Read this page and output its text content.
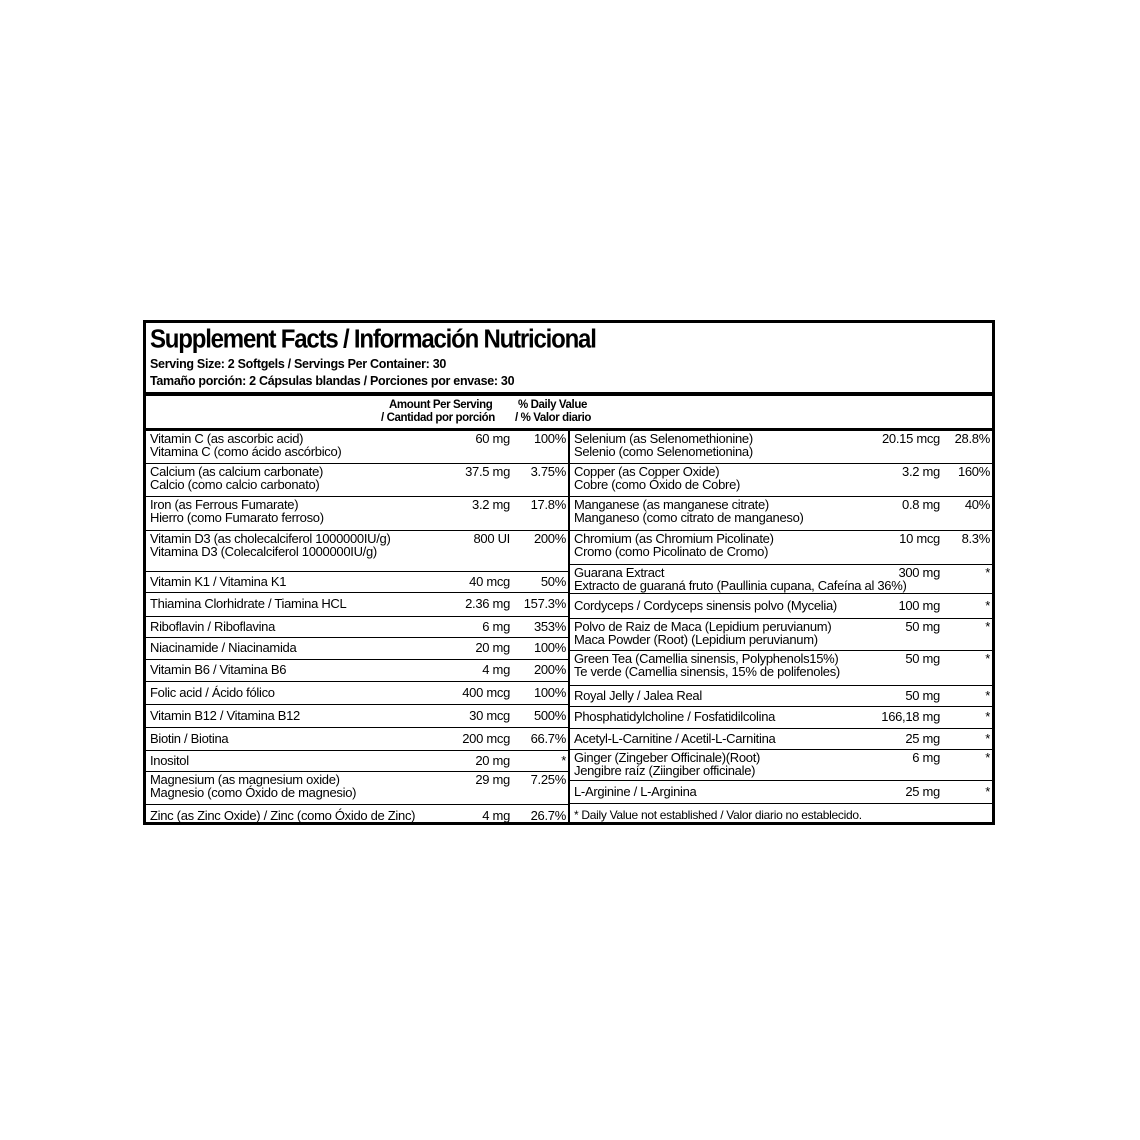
Supplement Facts / Información Nutricional
Serving Size: 2 Softgels / Servings Per Container: 30
Tamaño porción: 2 Cápsulas blandas / Porciones por envase: 30
Amount Per Serving % Daily Value
/ Cantidad por porción / % Valor diario
Vitamin C (as ascorbic acid)
Vitamina C (como ácido ascórbico)
60 mg 100%
Calcium (as calcium carbonate)
Calcio (como calcio carbonato)
37.5 mg 3.75%
Iron (as Ferrous Fumarate)
Hierro (como Fumarato ferroso)
3.2 mg 17.8%
Vitamin D3 (as cholecalciferol 1000000IU/g)
Vitamina D3 (Colecalciferol 1000000IU/g)
800 UI 200%
Vitamin K1 / Vitamina K1	40 mcg 50%
Thiamina Clorhidrate / Tiamina HCL	2.36 mg 157.3%
Riboflavin / Riboflavina	6 mg 353%
Niacinamide / Niacinamida	20 mg 100%
Vitamin B6 / Vitamina B6	4 mg 200%
Folic acid / Ácido fólico	400 mcg 100%
Vitamin B12 / Vitamina B12	30 mcg 500%
Biotin / Biotina	200 mcg 66.7%
Inositol	20 mg	*
Magnesium (as magnesium oxide)
Magnesio (como Óxido de magnesio)
29 mg 7.25%
Zinc (as Zinc Oxide) / Zinc (como Óxido de Zinc)	4 mg 26.7%
Selenium (as Selenomethionine)
Selenio (como Selenometionina)
20.15 mcg 28.8%
Copper (as Copper Oxide)
Cobre (como Óxido de Cobre)
3.2 mg 160%
Manganese (as manganese citrate)
Manganeso (como citrato de manganeso)
0.8 mg 40%
Chromium (as Chromium Picolinate)
Cromo (como Picolinato de Cromo)
10 mcg 8.3%
Guarana Extract
Extracto de guaraná fruto (Paullinia cupana, Cafeína al 36%)
300 mg	*
Cordyceps / Cordyceps sinensis polvo (Mycelia)	100 mg	*
Polvo de Raiz de Maca (Lepidium peruvianum)
Maca Powder (Root) (Lepidium peruvianum)
50 mg	*
Green Tea (Camellia sinensis, Polyphenols15%)
Te verde (Camellia sinensis, 15% de polifenoles)
50 mg	*
Royal Jelly / Jalea Real	50 mg	*
Phosphatidylcholine / Fosfatidilcolina	166,18 mg	*
Acetyl-L-Carnitine / Acetil-L-Carnitina	25 mg	*
Ginger (Zingeber Officinale)(Root)
Jengibre raíz (Ziingiber officinale)
6 mg	*
L-Arginine / L-Arginina	25 mg	*
* Daily Value not established / Valor diario no establecido.
